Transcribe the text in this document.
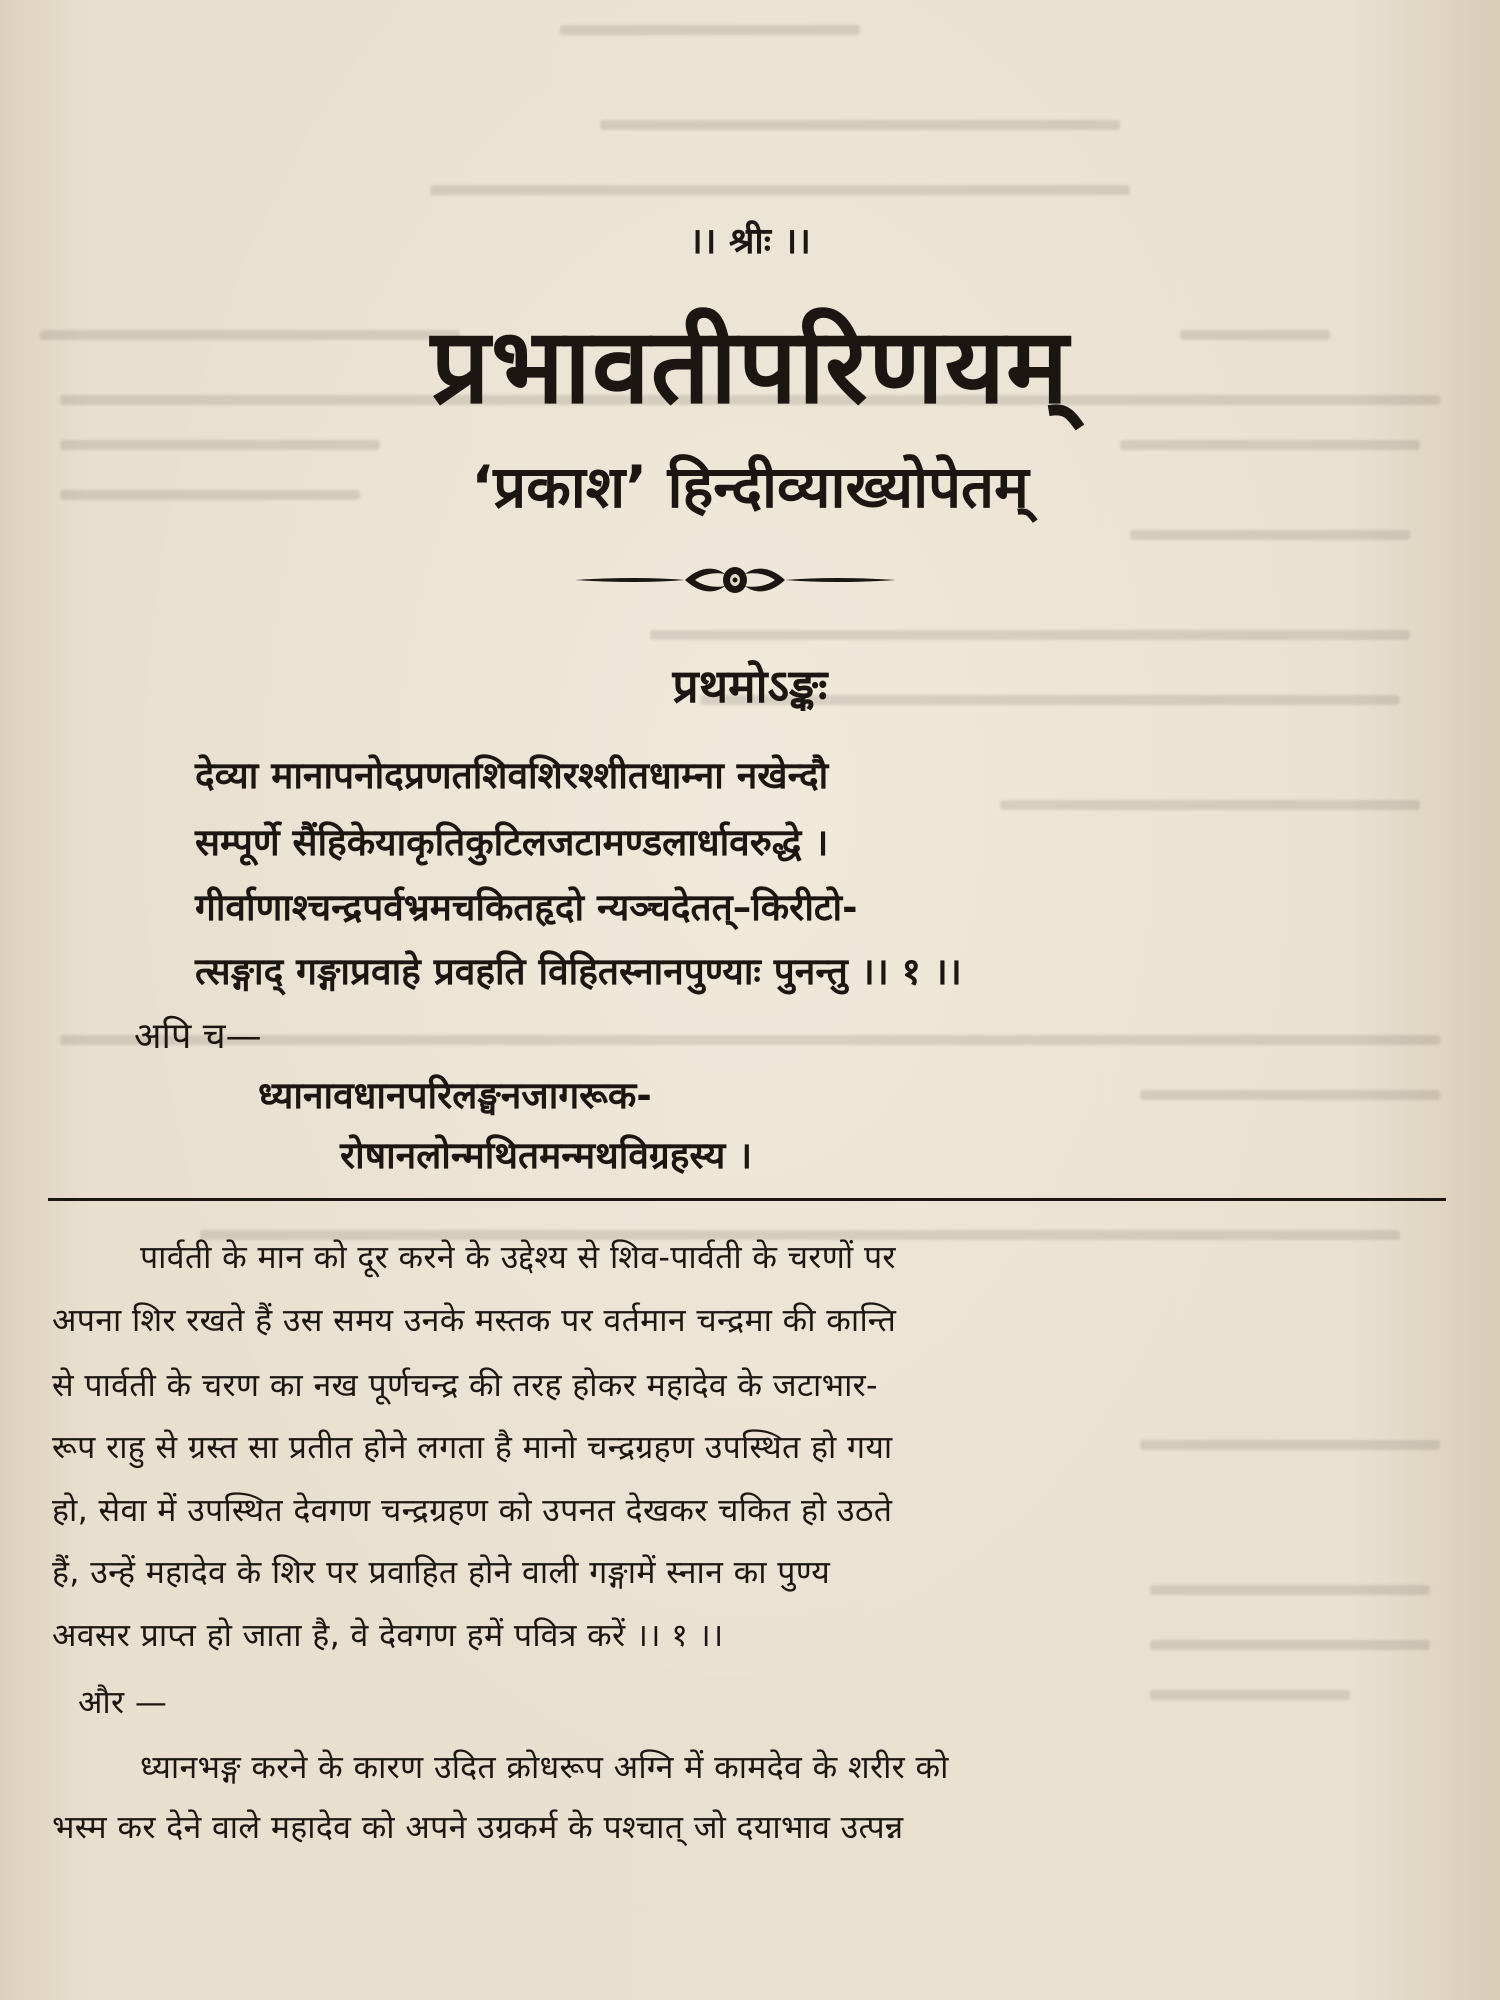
।। श्रीः ।।
प्रभावतीपरिणयम्
‘प्रकाश’ हिन्दीव्याख्योपेतम्
प्रथमोऽङ्कः
देव्या मानापनोदप्रणतशिवशिरश्शीतधाम्ना नखेन्दौ
सम्पूर्णे सैंहिकेयाकृतिकुटिलजटामण्डलार्धावरुद्धे ।
गीर्वाणाश्चन्द्रपर्वभ्रमचकितहृदो न्यञ्चदेतत्–किरीटो-
त्सङ्गाद् गङ्गाप्रवाहे प्रवहति विहितस्नानपुण्याः पुनन्तु ।। १ ।।
अपि च—
ध्यानावधानपरिलङ्घनजागरूक-
रोषानलोन्मथितमन्मथविग्रहस्य ।
पार्वती के मान को दूर करने के उद्देश्य से शिव-पार्वती के चरणों पर
अपना शिर रखते हैं उस समय उनके मस्तक पर वर्तमान चन्द्रमा की कान्ति
से पार्वती के चरण का नख पूर्णचन्द्र की तरह होकर महादेव के जटाभार-
रूप राहु से ग्रस्त सा प्रतीत होने लगता है मानो चन्द्रग्रहण उपस्थित हो गया
हो, सेवा में उपस्थित देवगण चन्द्रग्रहण को उपनत देखकर चकित हो उठते
हैं, उन्हें महादेव के शिर पर प्रवाहित होने वाली गङ्गामें स्नान का पुण्य
अवसर प्राप्त हो जाता है, वे देवगण हमें पवित्र करें ।। १ ।।
और —
ध्यानभङ्ग करने के कारण उदित क्रोधरूप अग्नि में कामदेव के शरीर को
भस्म कर देने वाले महादेव को अपने उग्रकर्म के पश्चात् जो दयाभाव उत्पन्न
